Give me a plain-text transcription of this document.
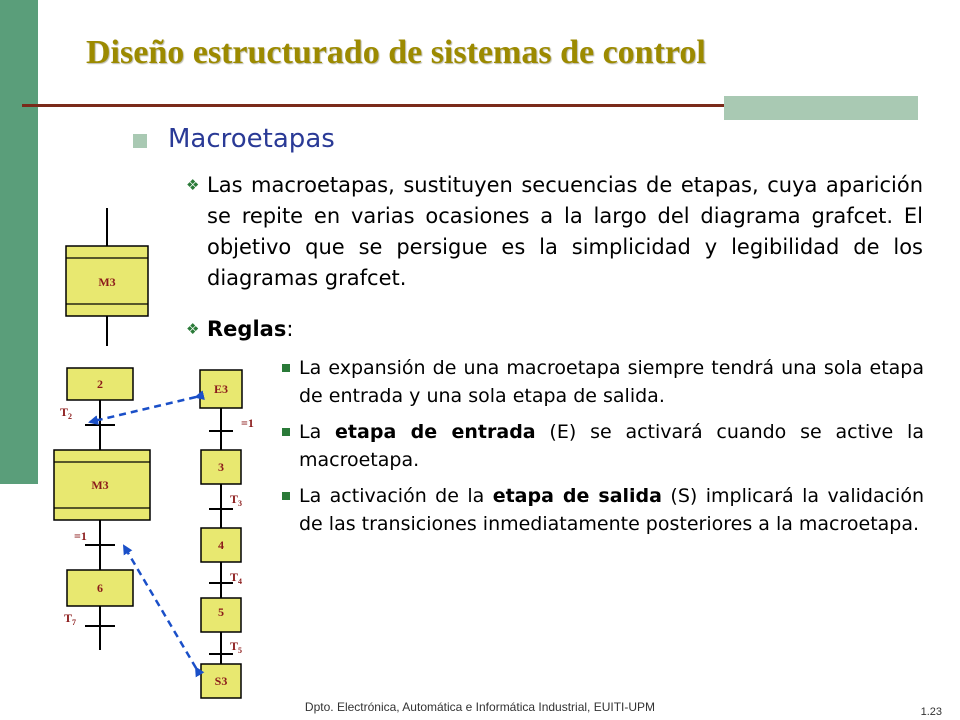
Diseño estructurado de sistemas de control
Macroetapas
❖ Las macroetapas, sustituyen secuencias de etapas, cuya aparición se repite en varias ocasiones a la largo del diagrama grafcet. El objetivo que se persigue es la simplicidad y legibilidad de los diagramas grafcet.
❖ Reglas:
La expansión de una macroetapa siempre tendrá una sola etapa de entrada y una sola etapa de salida.
La etapa de entrada (E) se activará cuando se active la macroetapa.
La activación de la etapa de salida (S) implicará la validación de las transiciones inmediatamente posteriores a la macroetapa.
M3
2
$T_2$
M3
=1
6
$T_7$
E3
=1
3
$T_3$
4
$T_4$
5
$T_5$
S3
Dpto. Electrónica, Automática e Informática Industrial, EUITI-UPM	1.23
